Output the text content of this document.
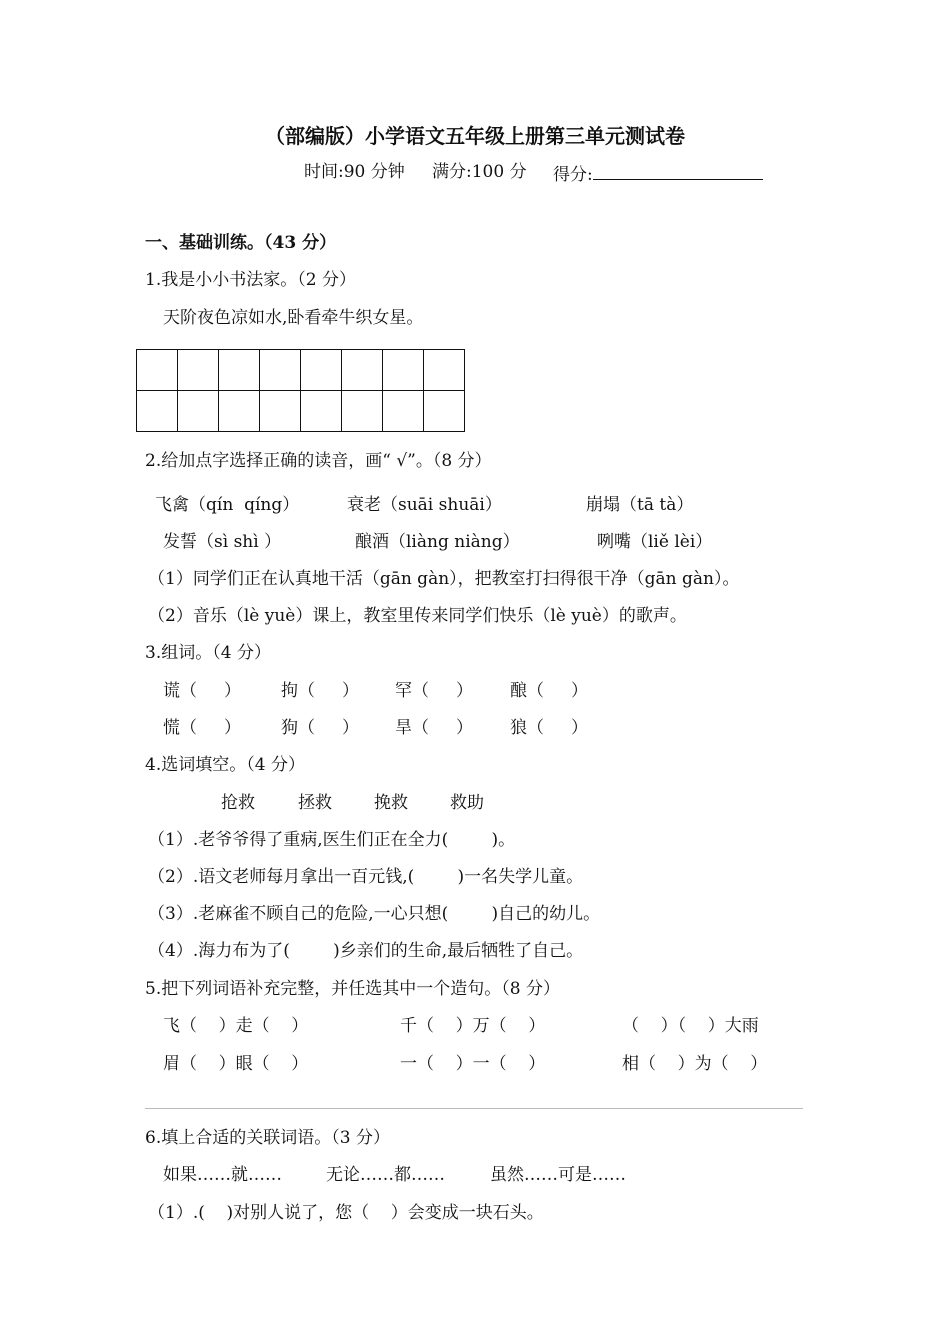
（部编版）小学语文五年级上册第三单元测试卷
时间:90 分钟 满分:100 分 得分:
一、基础训练。（43 分）
1.我是小小书法家。（2 分）
天阶夜色凉如水,卧看牵牛织女星。

2.给加点字选择正确的读音，画“ √”。（8 分）
飞禽（qín  qíng）	衰老（suāi shuāi）	崩塌（tā tà）
发誓（sì shì ）	酿酒（liàng niàng）	咧嘴（liě lèi）
（1）同学们正在认真地干活（gān gàn），把教室打扫得很干净（gān gàn）。
（2）音乐（lè yuè）课上，教室里传来同学们快乐（lè yuè）的歌声。
3.组词。（4 分）
谎（     ） 拘（     ） 罕（     ） 酿（     ）
慌（     ） 狗（     ） 旱（     ） 狼（     ）
4.选词填空。（4 分）
抢救	拯救 挽救 救助
（1）.老爷爷得了重病,医生们正在全力(        )。
（2）.语文老师每月拿出一百元钱,(        )一名失学儿童。
（3）.老麻雀不顾自己的危险,一心只想(        )自己的幼儿。
（4）.海力布为了(        )乡亲们的生命,最后牺牲了自己。
5.把下列词语补充完整，并任选其中一个造句。（8 分）
飞（    ）走（    ）	千（    ）万（    ）	（    ）（    ）大雨
眉（    ）眼（    ）	一（    ）一（    ）	相（    ）为（    ）
6.填上合适的关联词语。（3 分）
如果……就……	无论……都……	虽然……可是……
（1）.(    )对别人说了，您（    ）会变成一块石头。
